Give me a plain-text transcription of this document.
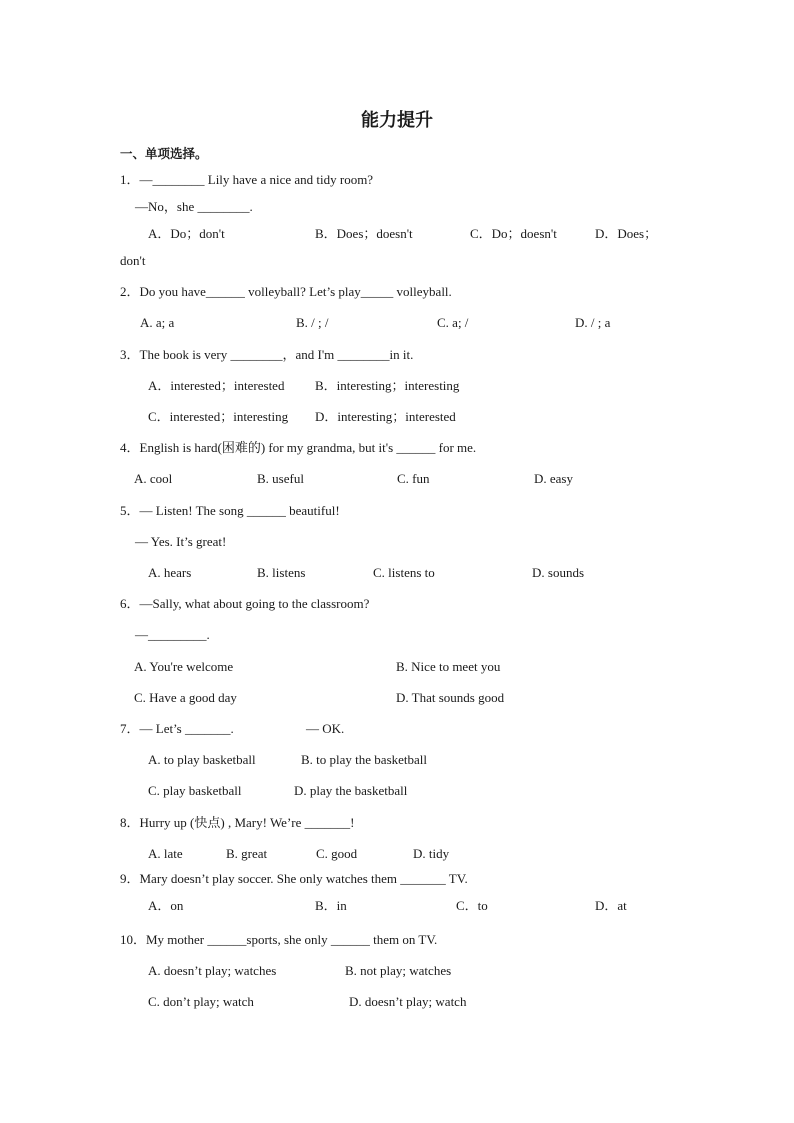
能力提升
一、单项选择。
1．—________ Lily have a nice and tidy room?
—No，she ________.
A．Do；don't	B．Does；doesn't	C．Do；doesn't	D．Does；
don't
2．Do you have______ volleyball? Let’s play_____ volleyball.
A. a; a	B. / ; /	C. a; /	D. / ; a
3．The book is very ________，and I'm ________in it.
A．interested；interested B．interesting；interesting
C．interested；interesting D．interesting；interested
4．English is hard(困难的) for my grandma, but it's ______ for me.
A. cool	B. useful	C. fun	D. easy
5．— Listen! The song ______ beautiful!
— Yes. It’s great!
A. hears	B. listens	C. listens to	D. sounds
6．—Sally, what about going to the classroom?
—_________.
A. You're welcome	B. Nice to meet you
C. Have a good day	D. That sounds good
7．— Let’s _______.	— OK.
A. to play basketball	B. to play the basketball
C. play basketball	D. play the basketball
8．Hurry up (快点) , Mary! We’re _______!
A. late	B. great	C. good	D. tidy
9．Mary doesn’t play soccer. She only watches them _______ TV.
A．on	B．in	C．to	D．at
10．My mother ______sports, she only ______ them on TV.
A. doesn’t play; watches	B. not play; watches
C. don’t play; watch	D. doesn’t play; watch
